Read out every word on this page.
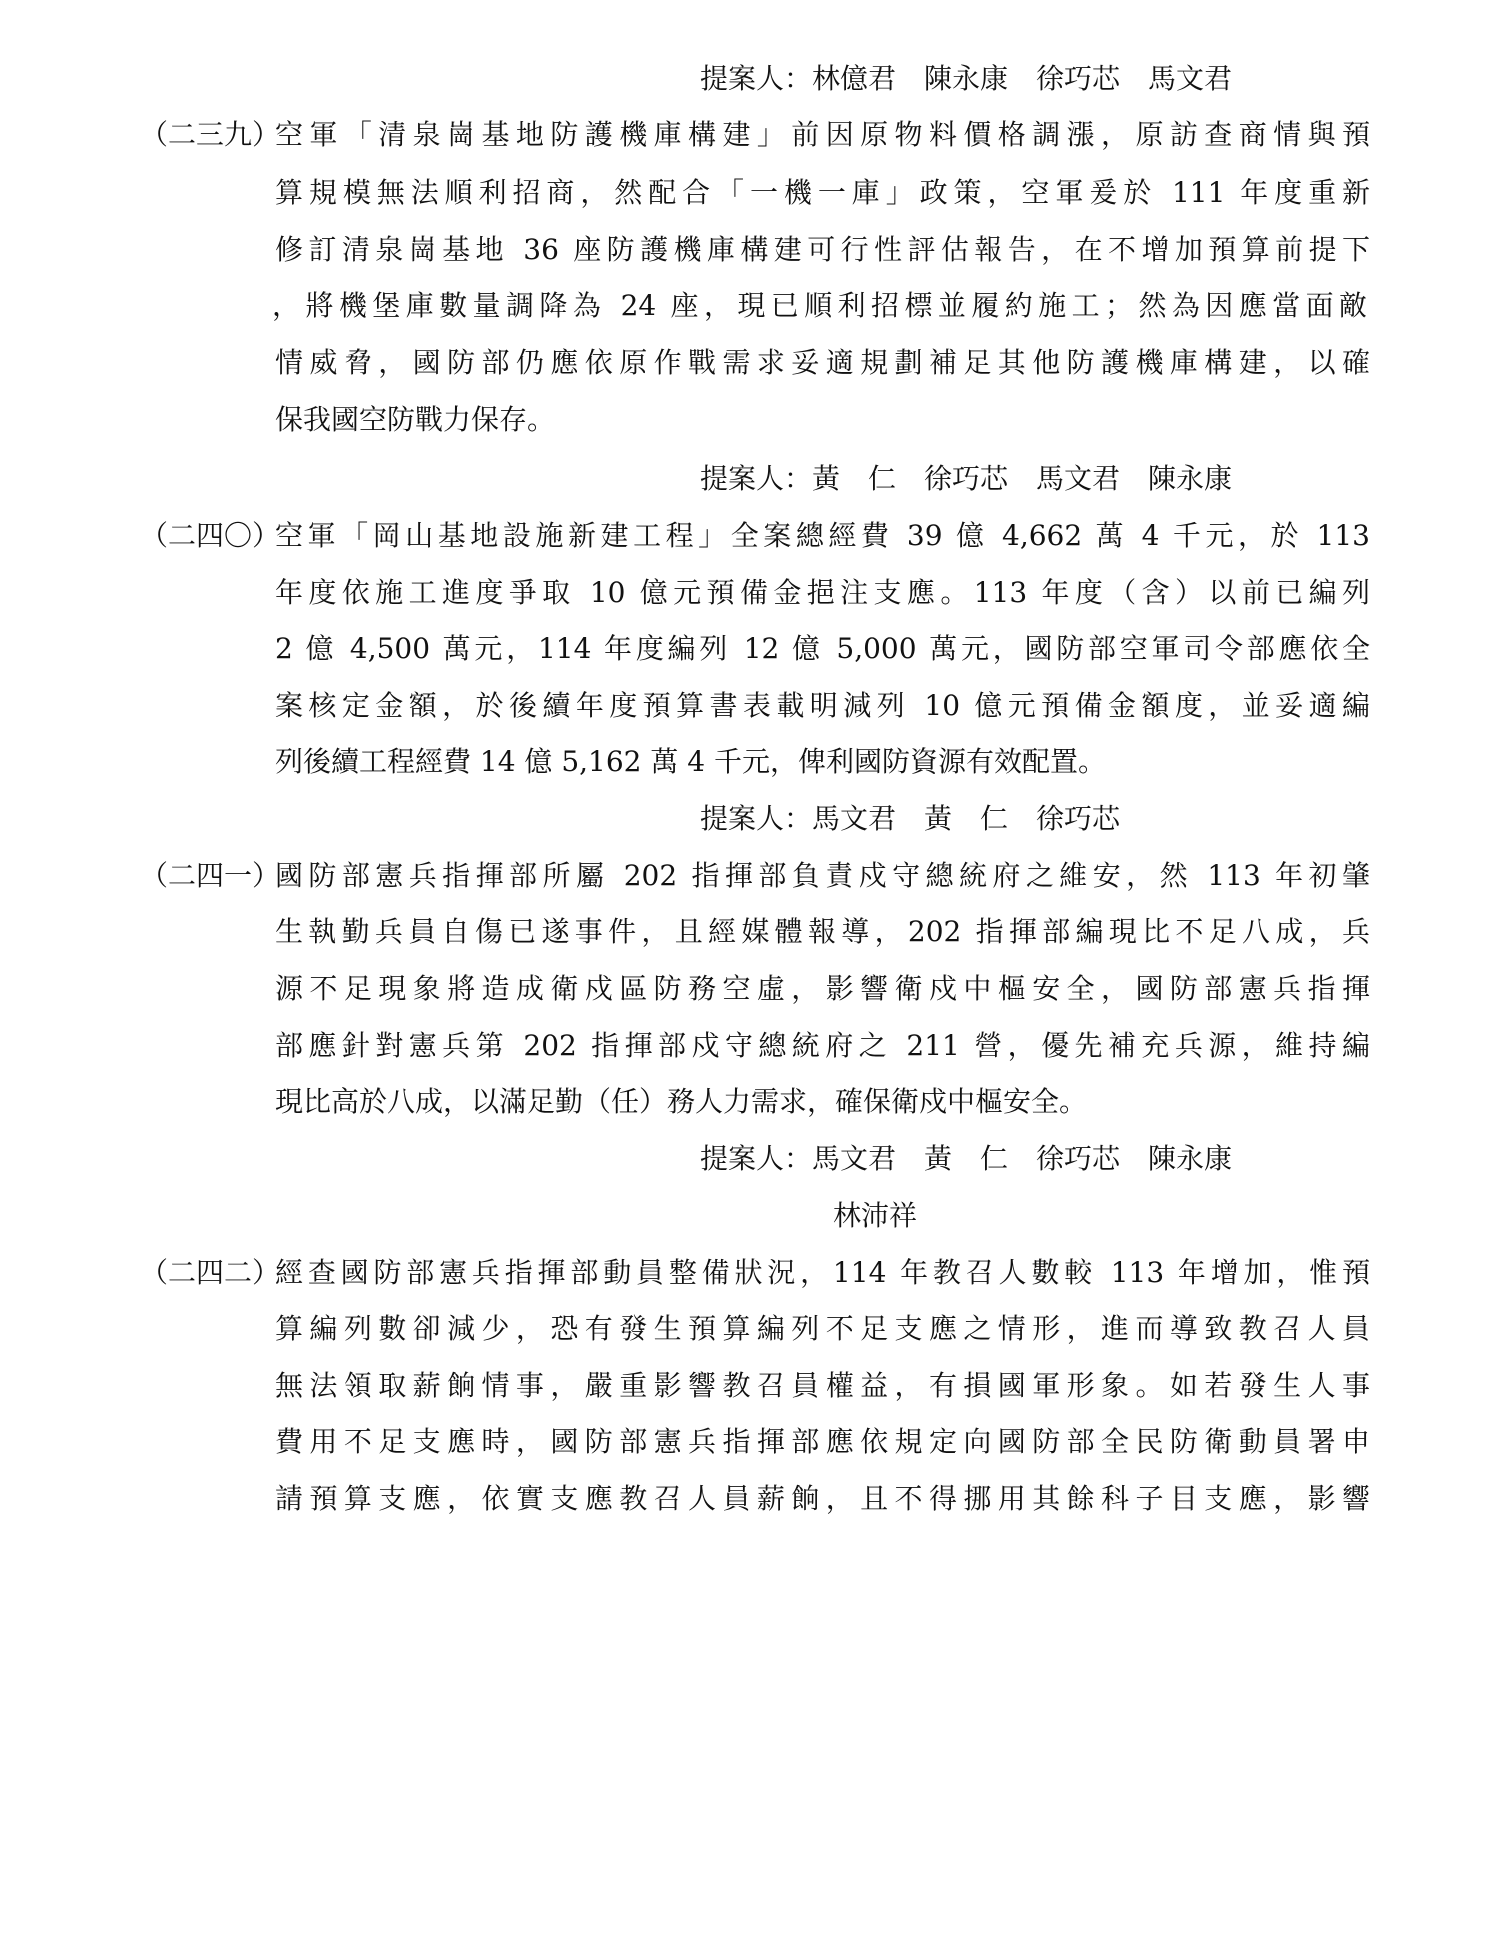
提案人：林億君　陳永康　徐巧芯　馬文君
（二三九）
空軍「清泉崗基地防護機庫構建」前因原物料價格調漲，原訪查商情與預
算規模無法順利招商，然配合「一機一庫」政策，空軍爰於 111 年度重新
修訂清泉崗基地 36 座防護機庫構建可行性評估報告，在不增加預算前提下
，將機堡庫數量調降為 24 座，現已順利招標並履約施工；然為因應當面敵
情威脅，國防部仍應依原作戰需求妥適規劃補足其他防護機庫構建，以確
保我國空防戰力保存。
提案人：黃　仁　徐巧芯　馬文君　陳永康
（二四〇）
空軍「岡山基地設施新建工程」全案總經費 39 億 4,662 萬 4 千元，於 113
年度依施工進度爭取 10 億元預備金挹注支應。113 年度（含）以前已編列
2 億 4,500 萬元，114 年度編列 12 億 5,000 萬元，國防部空軍司令部應依全
案核定金額，於後續年度預算書表載明減列 10 億元預備金額度，並妥適編
列後續工程經費 14 億 5,162 萬 4 千元，俾利國防資源有效配置。
提案人：馬文君　黃　仁　徐巧芯
（二四一）
國防部憲兵指揮部所屬 202 指揮部負責戍守總統府之維安，然 113 年初肇
生執勤兵員自傷已遂事件，且經媒體報導，202 指揮部編現比不足八成，兵
源不足現象將造成衛戍區防務空虛，影響衛戍中樞安全，國防部憲兵指揮
部應針對憲兵第 202 指揮部戍守總統府之 211 營，優先補充兵源，維持編
現比高於八成，以滿足勤（任）務人力需求，確保衛戍中樞安全。
提案人：馬文君　黃　仁　徐巧芯　陳永康
林沛祥
（二四二）
經查國防部憲兵指揮部動員整備狀況，114 年教召人數較 113 年增加，惟預
算編列數卻減少，恐有發生預算編列不足支應之情形，進而導致教召人員
無法領取薪餉情事，嚴重影響教召員權益，有損國軍形象。如若發生人事
費用不足支應時，國防部憲兵指揮部應依規定向國防部全民防衛動員署申
請預算支應，依實支應教召人員薪餉，且不得挪用其餘科子目支應，影響
